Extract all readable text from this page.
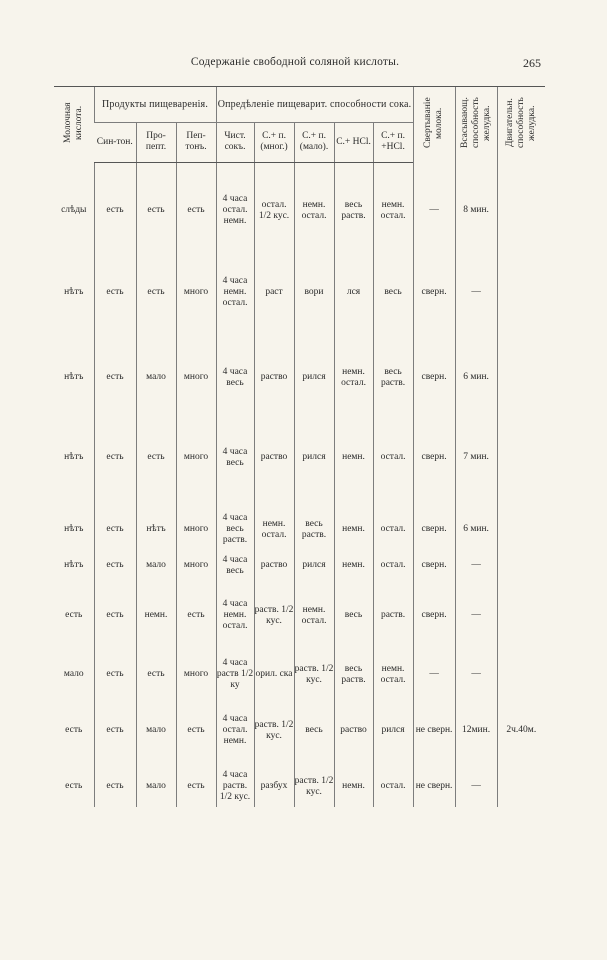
Содержаніе свободной соляной кислоты.	265
Молочная кислота.	Продукты пищеваренія.			Опредѣленіе пищеварит. способности сока.					Свертываніе молока.	Всасывающ. способность желудка.	Двигательн. способность желудка.
	Син-тон.	Про-пепт.	Пеп-тонъ.	Чист. сокъ.	С.+ п. (мног.)	С.+ п. (мало).	С.+ HCl.	С.+ п. +HCl.			

слѣды	есть	есть	есть	4 часа остал. немн.	остал. 1/2 кус.	немн. остал.	весь раств.	немн. остал.	—	8 мин.	
нѣтъ	есть	есть	много	4 часа немн. остал.	раст	вори	лся	весь	сверн.	—	
нѣтъ	есть	мало	много	4 часа весь	раство	рился	немн. остал.	весь раств.	сверн.	6 мин.	
нѣтъ	есть	есть	много	4 часа весь	раство	рился	немн.	остал.	сверн.	7 мин.	
нѣтъ	есть	нѣтъ	много	4 часа весь раств.	немн. остал.	весь раств.	немн.	остал.	сверн.	6 мин.	
нѣтъ	есть	мало	много	4 часа весь	раство	рился	немн.	остал.	сверн.	—	
есть	есть	немн.	есть	4 часа немн. остал.	раств. 1/2 кус.	немн. остал.	весь	раств.	сверн.	—	
мало	есть	есть	много	4 часа раств 1/2 ку	орил. ска	раств. 1/2 кус.	весь раств.	немн. остал.	—	—	
есть	есть	мало	есть	4 часа остал. немн.	раств. 1/2 кус.	весь	раство	рился	не сверн.	12мин.	2ч.40м.
есть	есть	мало	есть	4 часа раств. 1/2 кус.	разбух	раств. 1/2 кус.	немн.	остал.	не сверн.	—	
